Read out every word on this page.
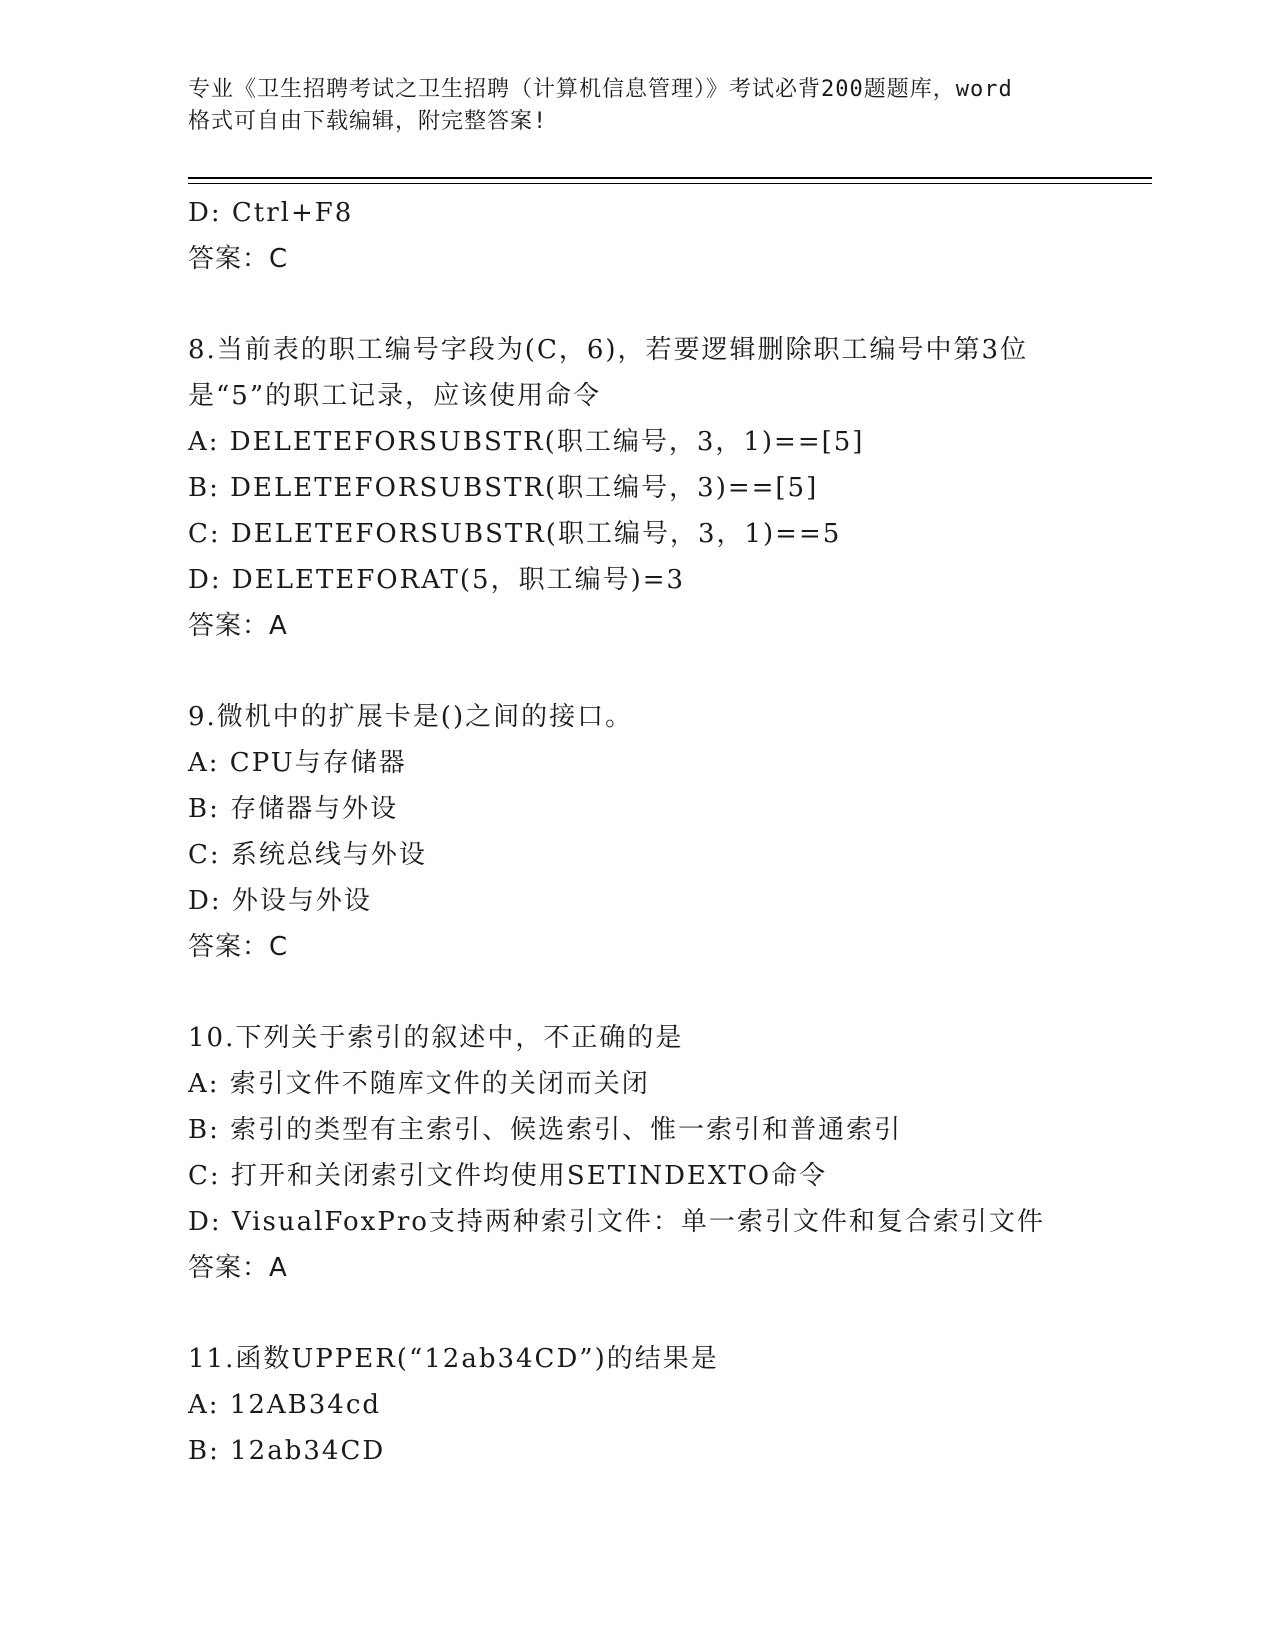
专业《卫生招聘考试之卫生招聘（计算机信息管理）》考试必背200题题库，word
格式可自由下载编辑，附完整答案!
D: Ctrl+F8
答案：C
8.当前表的职工编号字段为(C，6)，若要逻辑删除职工编号中第3位
是“5”的职工记录，应该使用命令
A: DELETEFORSUBSTR(职工编号，3，1)==[5]
B: DELETEFORSUBSTR(职工编号，3)==[5]
C: DELETEFORSUBSTR(职工编号，3，1)==5
D: DELETEFORAT(5，职工编号)=3
答案：A
9.微机中的扩展卡是()之间的接口。
A: CPU与存储器
B: 存储器与外设
C: 系统总线与外设
D: 外设与外设
答案：C
10.下列关于索引的叙述中，不正确的是
A: 索引文件不随库文件的关闭而关闭
B: 索引的类型有主索引、候选索引、惟一索引和普通索引
C: 打开和关闭索引文件均使用SETINDEXTO命令
D: VisualFoxPro支持两种索引文件：单一索引文件和复合索引文件
答案：A
11.函数UPPER(“12ab34CD”)的结果是
A: 12AB34cd
B: 12ab34CD
